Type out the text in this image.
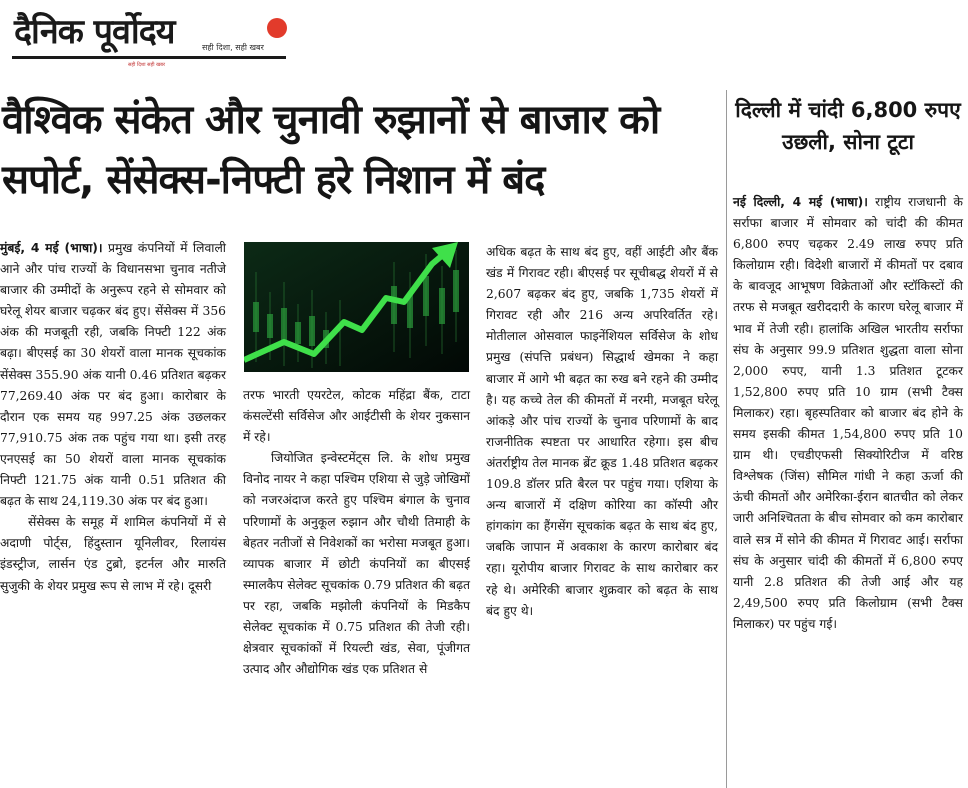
दैनिक पूर्वोदय	सही दिशा, सही खबर
सही दिशा सही खबर
वैश्विक संकेत और चुनावी रुझानों से बाजार को सपोर्ट, सेंसेक्स-निफ्टी हरे निशान में बंद

मुंबई, 4 मई (भाषा)। प्रमुख कंपनियों में लिवाली आने और पांच राज्यों के विधानसभा चुनाव नतीजे बाजार की उम्मीदों के अनुरूप रहने से सोमवार को घरेलू शेयर बाजार चढ़कर बंद हुए। सेंसेक्स में 356 अंक की मजबूती रही, जबकि निफ्टी 122 अंक बढ़ा। बीएसई का 30 शेयरों वाला मानक सूचकांक सेंसेक्स 355.90 अंक यानी 0.46 प्रतिशत बढ़कर 77,269.40 अंक पर बंद हुआ। कारोबार के दौरान एक समय यह 997.25 अंक उछलकर 77,910.75 अंक तक पहुंच गया था। इसी तरह एनएसई का 50 शेयरों वाला मानक सूचकांक निफ्टी 121.75 अंक यानी 0.51 प्रतिशत की बढ़त के साथ 24,119.30 अंक पर बंद हुआ।

सेंसेक्स के समूह में शामिल कंपनियों में से अदाणी पोर्ट्स, हिंदुस्तान यूनिलीवर, रिलायंस इंडस्ट्रीज, लार्सन एंड टुब्रो, इटर्नल और मारुति सुजुकी के शेयर प्रमुख रूप से लाभ में रहे। दूसरी

तरफ भारती एयरटेल, कोटक महिंद्रा बैंक, टाटा कंसल्टेंसी सर्विसेज और आईटीसी के शेयर नुकसान में रहे।

जियोजित इन्वेस्टमेंट्स लि. के शोध प्रमुख विनोद नायर ने कहा पश्चिम एशिया से जुड़े जोखिमों को नजरअंदाज करते हुए पश्चिम बंगाल के चुनाव परिणामों के अनुकूल रुझान और चौथी तिमाही के बेहतर नतीजों से निवेशकों का भरोसा मजबूत हुआ। व्यापक बाजार में छोटी कंपनियों का बीएसई स्मालकैप सेलेक्ट सूचकांक 0.79 प्रतिशत की बढ़त पर रहा, जबकि मझोली कंपनियों के मिडकैप सेलेक्ट सूचकांक में 0.75 प्रतिशत की तेजी रही। क्षेत्रवार सूचकांकों में रियल्टी खंड, सेवा, पूंजीगत उत्पाद और औद्योगिक खंड एक प्रतिशत से

अधिक बढ़त के साथ बंद हुए, वहीं आईटी और बैंक खंड में गिरावट रही। बीएसई पर सूचीबद्ध शेयरों में से 2,607 बढ़कर बंद हुए, जबकि 1,735 शेयरों में गिरावट रही और 216 अन्य अपरिवर्तित रहे। मोतीलाल ओसवाल फाइनेंशियल सर्विसेज के शोध प्रमुख (संपत्ति प्रबंधन) सिद्धार्थ खेमका ने कहा बाजार में आगे भी बढ़त का रुख बने रहने की उम्मीद है। यह कच्चे तेल की कीमतों में नरमी, मजबूत घरेलू आंकड़े और पांच राज्यों के चुनाव परिणामों के बाद राजनीतिक स्पष्टता पर आधारित रहेगा। इस बीच अंतर्राष्ट्रीय तेल मानक ब्रेंट क्रूड 1.48 प्रतिशत बढ़कर 109.8 डॉलर प्रति बैरल पर पहुंच गया। एशिया के अन्य बाजारों में दक्षिण कोरिया का कॉस्पी और हांगकांग का हैंगसेंग सूचकांक बढ़त के साथ बंद हुए, जबकि जापान में अवकाश के कारण कारोबार बंद रहा। यूरोपीय बाजार गिरावट के साथ कारोबार कर रहे थे। अमेरिकी बाजार शुक्रवार को बढ़त के साथ बंद हुए थे।

दिल्ली में चांदी 6,800 रुपए उछली, सोना टूटा

नई दिल्ली, 4 मई (भाषा)। राष्ट्रीय राजधानी के सर्राफा बाजार में सोमवार को चांदी की कीमत 6,800 रुपए चढ़कर 2.49 लाख रुपए प्रति किलोग्राम रही। विदेशी बाजारों में कीमतों पर दबाव के बावजूद आभूषण विक्रेताओं और स्टॉकिस्टों की तरफ से मजबूत खरीददारी के कारण घरेलू बाजार में भाव में तेजी रही। हालांकि अखिल भारतीय सर्राफा संघ के अनुसार 99.9 प्रतिशत शुद्धता वाला सोना 2,000 रुपए, यानी 1.3 प्रतिशत टूटकर 1,52,800 रुपए प्रति 10 ग्राम (सभी टैक्स मिलाकर) रहा। बृहस्पतिवार को बाजार बंद होने के समय इसकी कीमत 1,54,800 रुपए प्रति 10 ग्राम थी। एचडीएफसी सिक्योरिटीज में वरिष्ठ विश्लेषक (जिंस) सौमिल गांधी ने कहा ऊर्जा की ऊंची कीमतों और अमेरिका-ईरान बातचीत को लेकर जारी अनिश्चितता के बीच सोमवार को कम कारोबार वाले सत्र में सोने की कीमत में गिरावट आई। सर्राफा संघ के अनुसार चांदी की कीमतों में 6,800 रुपए यानी 2.8 प्रतिशत की तेजी आई और यह 2,49,500 रुपए प्रति किलोग्राम (सभी टैक्स मिलाकर) पर पहुंच गई।
